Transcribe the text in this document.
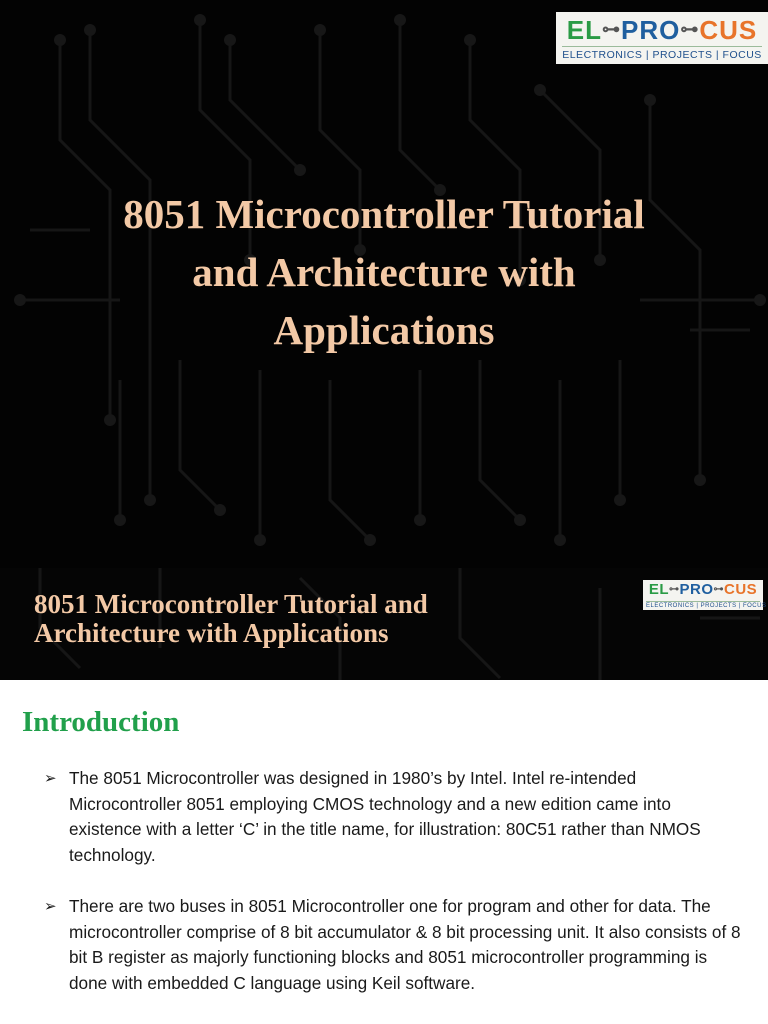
EL⊶PRO⊶CUS
ELECTRONICS | PROJECTS | FOCUS
8051 Microcontroller Tutorial
and Architecture with
Applications
EL⊶PRO⊶CUS
ELECTRONICS | PROJECTS | FOCUS
8051 Microcontroller Tutorial and
Architecture with Applications
Introduction
➢ The 8051 Microcontroller was designed in 1980’s by Intel. Intel re-intended Microcontroller 8051 employing CMOS technology and a new edition came into existence with a letter ‘C’ in the title name, for illustration: 80C51 rather than NMOS technology.
➢ There are two buses in 8051 Microcontroller one for program and other for data. The microcontroller comprise of 8 bit accumulator & 8 bit processing unit. It also consists of 8 bit B register as majorly functioning blocks and 8051 microcontroller programming is done with embedded C language using Keil software.
